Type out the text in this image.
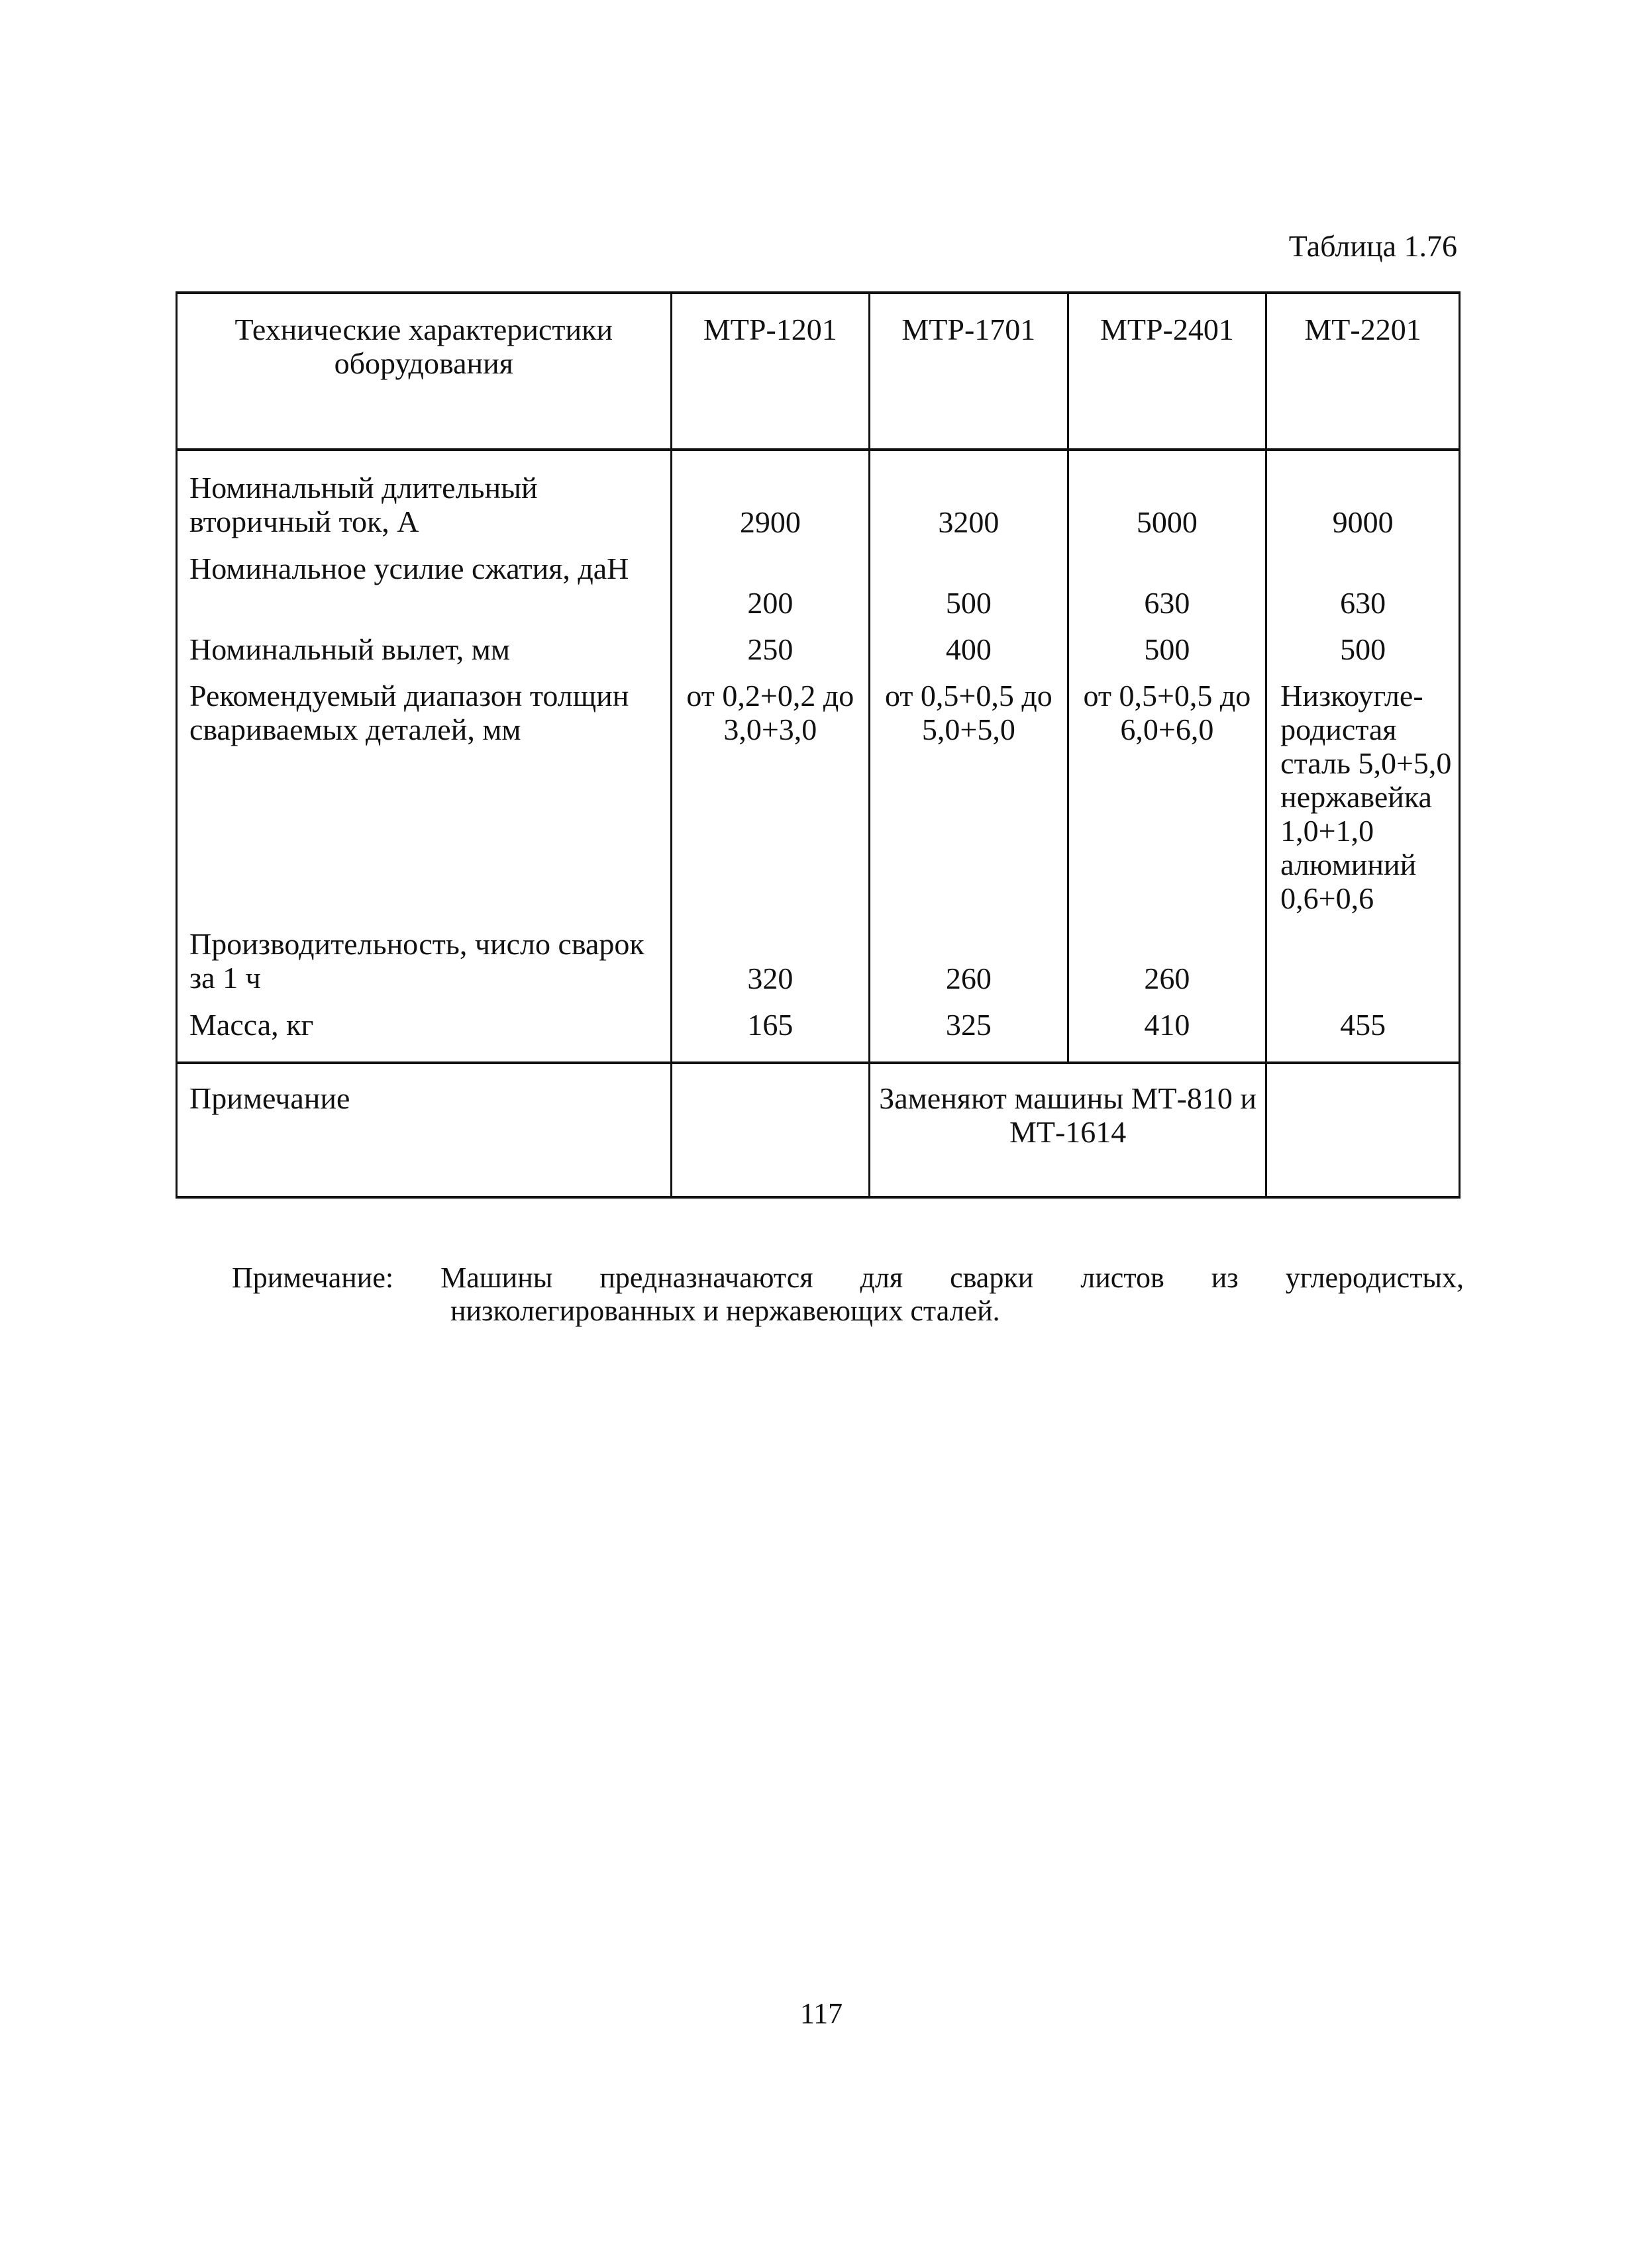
Таблица 1.76
Технические характеристики оборудования	МТР-1201	МТР-1701	МТР-2401	МТ-2201
Номинальный длительный вторичный ток, А	2900	3200	5000	9000
Номинальное усилие сжатия, даН	200	500	630	630
Номинальный вылет, мм	250	400	500	500
Рекомендуемый диапазон толщин свариваемых деталей, мм	от 0,2+0,2 до 3,0+3,0	от 0,5+0,5 до 5,0+5,0	от 0,5+0,5 до 6,0+6,0	Низкоугле-родистая сталь 5,0+5,0 нержавейка 1,0+1,0 алюминий 0,6+0,6
Производительность, число сварок за 1 ч	320	260	260	
Масса, кг	165	325	410	455
Примечание		Заменяют машины МТ-810 и МТ-1614		
Примечание: Машины предназначаются для сварки листов из углеродистых,
низколегированных и нержавеющих сталей.
117
